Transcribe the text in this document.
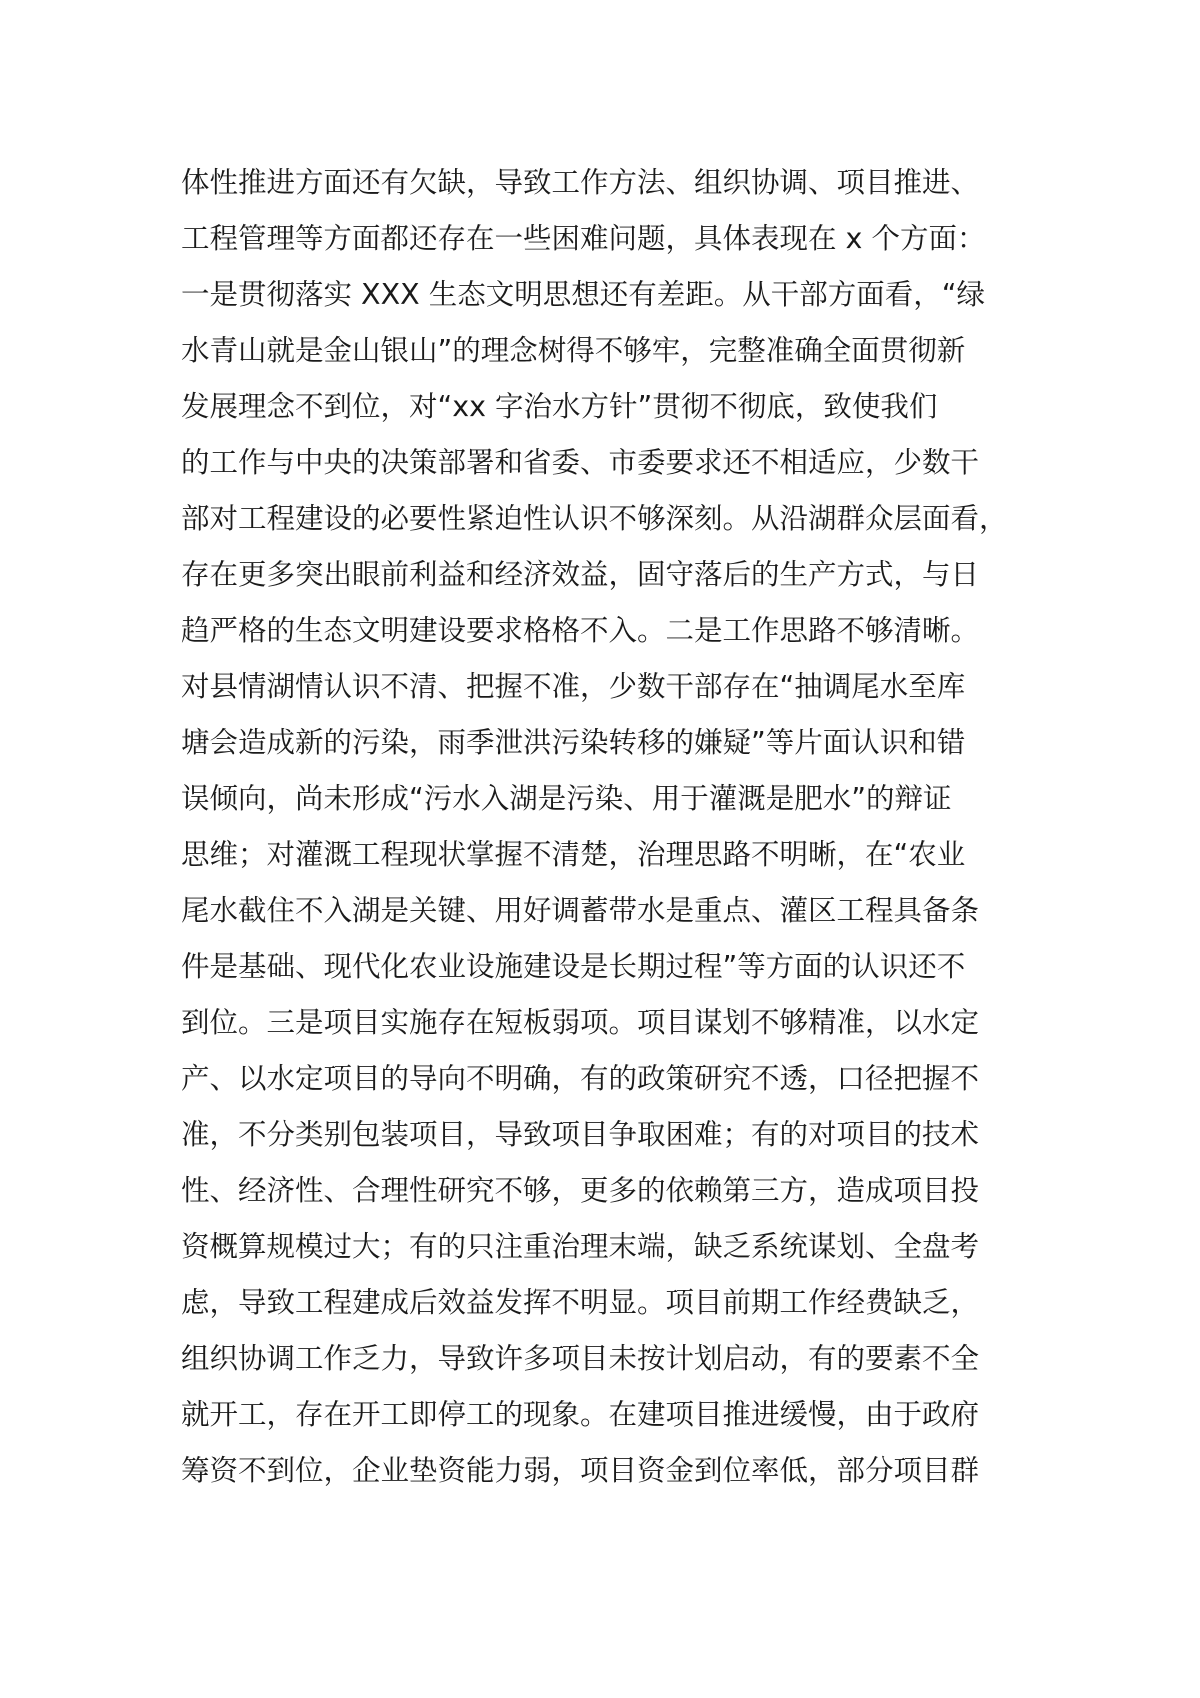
体性推进方面还有欠缺，导致工作方法、组织协调、项目推进、
工程管理等方面都还存在一些困难问题，具体表现在 x 个方面：
一是贯彻落实 XXX 生态文明思想还有差距。从干部方面看，“绿
水青山就是金山银山”的理念树得不够牢，完整准确全面贯彻新
发展理念不到位，对“xx 字治水方针”贯彻不彻底，致使我们
的工作与中央的决策部署和省委、市委要求还不相适应，少数干
部对工程建设的必要性紧迫性认识不够深刻。从沿湖群众层面看，
存在更多突出眼前利益和经济效益，固守落后的生产方式，与日
趋严格的生态文明建设要求格格不入。二是工作思路不够清晰。
对县情湖情认识不清、把握不准，少数干部存在“抽调尾水至库
塘会造成新的污染，雨季泄洪污染转移的嫌疑”等片面认识和错
误倾向，尚未形成“污水入湖是污染、用于灌溉是肥水”的辩证
思维；对灌溉工程现状掌握不清楚，治理思路不明晰，在“农业
尾水截住不入湖是关键、用好调蓄带水是重点、灌区工程具备条
件是基础、现代化农业设施建设是长期过程”等方面的认识还不
到位。三是项目实施存在短板弱项。项目谋划不够精准，以水定
产、以水定项目的导向不明确，有的政策研究不透，口径把握不
准，不分类别包装项目，导致项目争取困难；有的对项目的技术
性、经济性、合理性研究不够，更多的依赖第三方，造成项目投
资概算规模过大；有的只注重治理末端，缺乏系统谋划、全盘考
虑，导致工程建成后效益发挥不明显。项目前期工作经费缺乏，
组织协调工作乏力，导致许多项目未按计划启动，有的要素不全
就开工，存在开工即停工的现象。在建项目推进缓慢，由于政府
筹资不到位，企业垫资能力弱，项目资金到位率低，部分项目群
